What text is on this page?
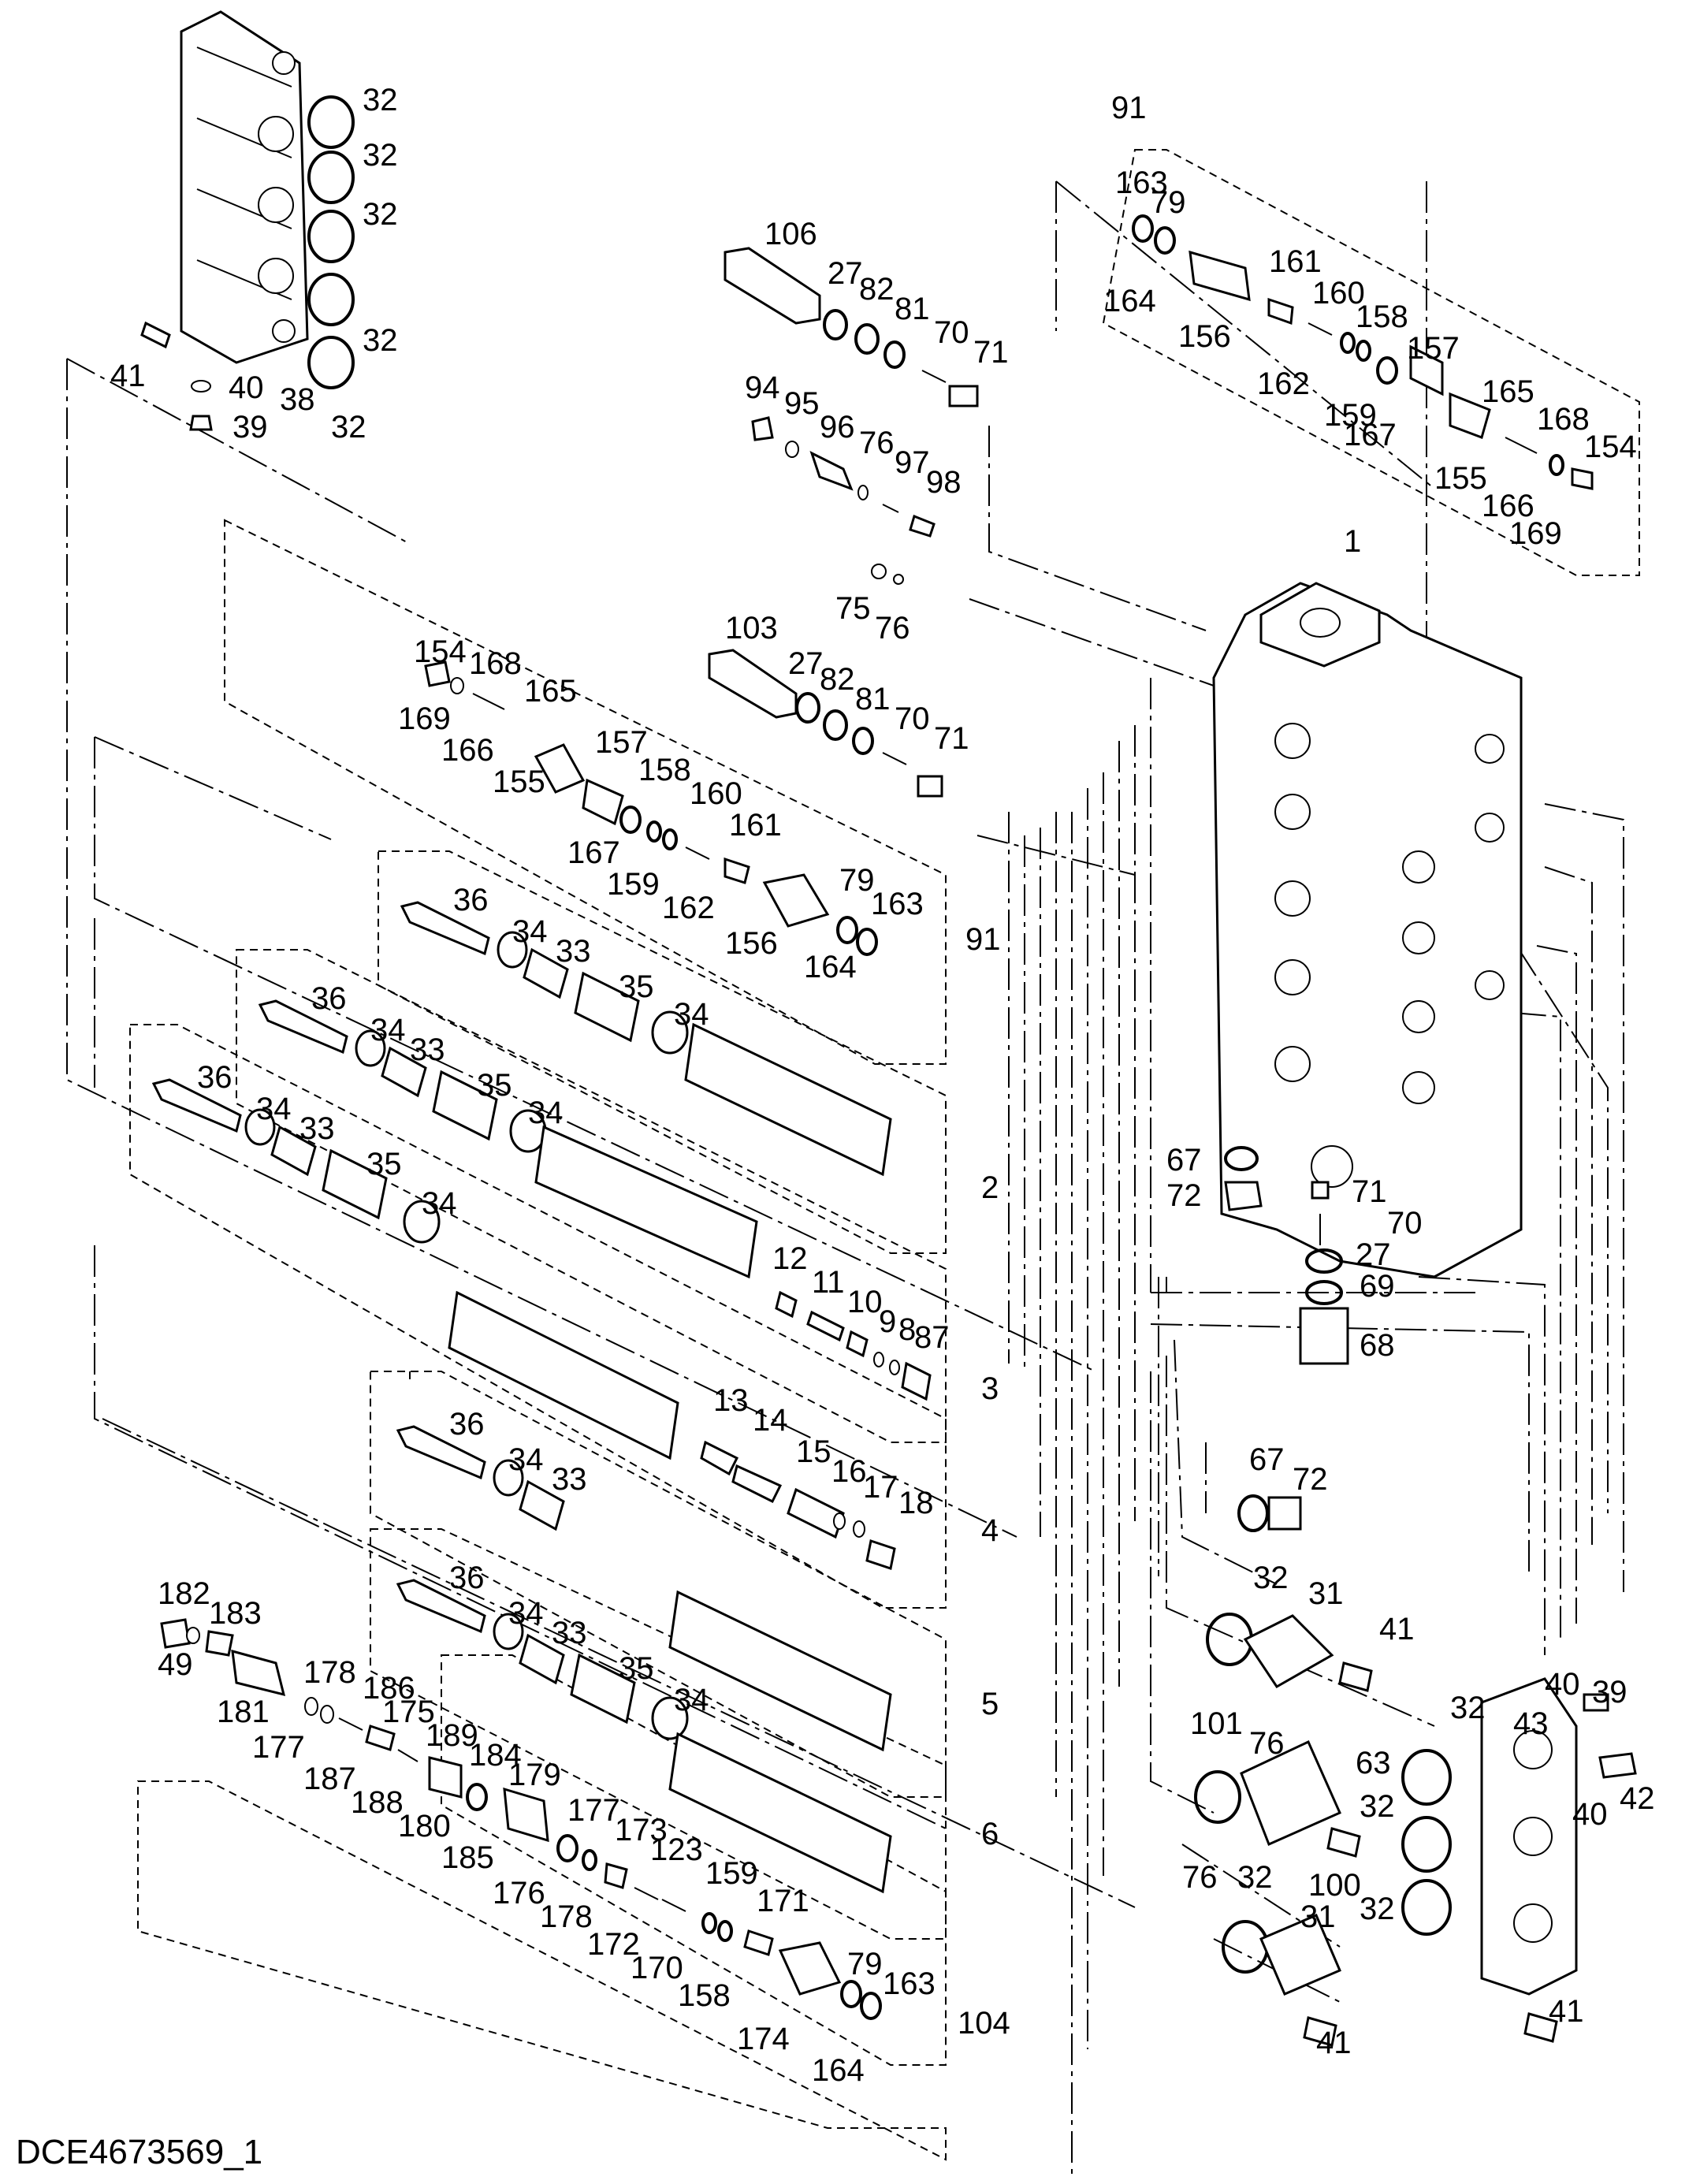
32
32
32
32
32
41	40 38
39
106
27
82
81
70
71
94 95
96 76
97
98
75
76
103
27
82
81
70
71
91
163
79
164
156
161
160
158
157
162
159
167
165
168
154
155
166
169
154 168
165
169
166
155
157
158
160
161
167
159
162
79
163
156
164
91
36
34
33
35
34
2
36
34
33
35
34
12
11
10
9 8
87
3
36
34
33
35
34
36
34
33
13
14
15
16
17 18
4
36
34
33
35
34	5
6
182
183
49
181
178 186
177
175
189
187
188
184
180
179
185
177
173
123
176
178
159
172
171
170
158
79
163
174
164
104
1
67
72	71
70
27
69
68
67
72
32 31
41
101
76
63
76	100
32
40 39
43
42
40
32
32
32
31
41
41
DCE4673569_1
